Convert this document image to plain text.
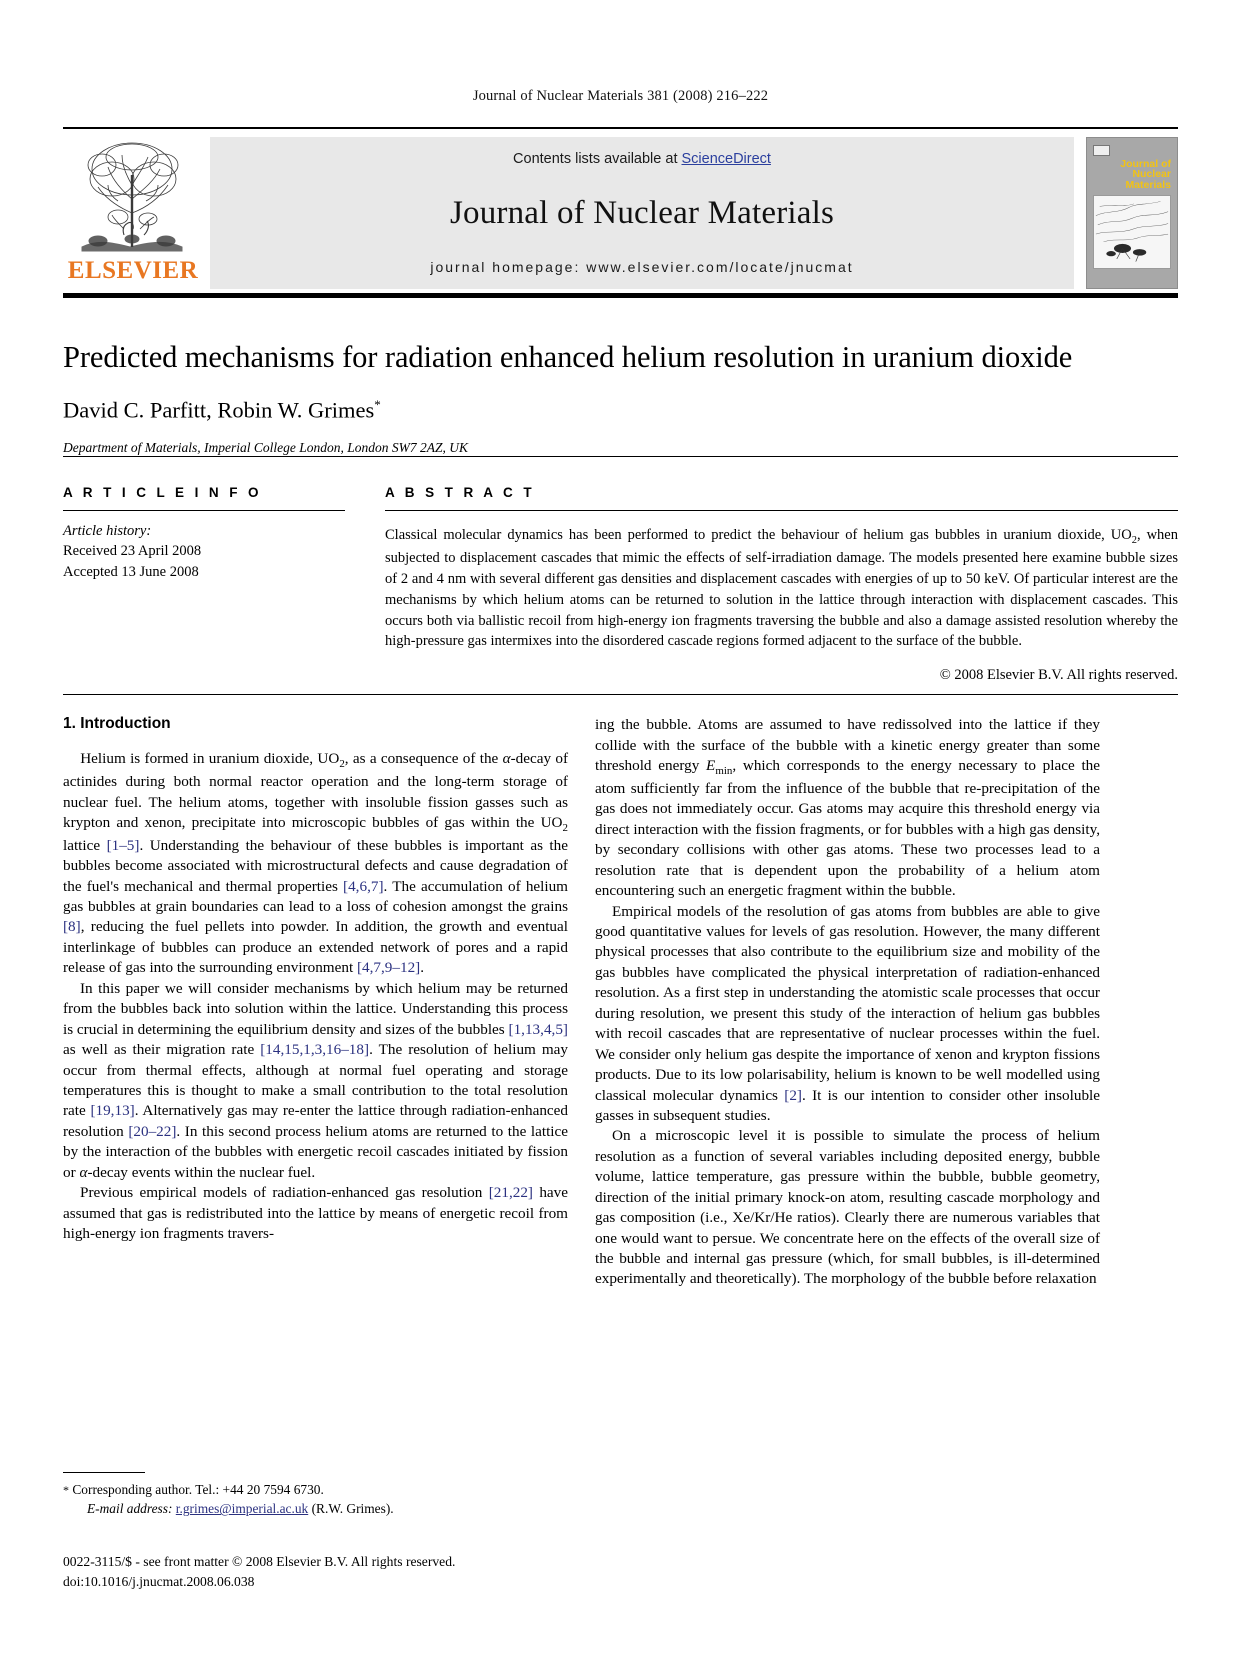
Journal of Nuclear Materials 381 (2008) 216–222
ELSEVIER
Contents lists available at ScienceDirect
Journal of Nuclear Materials
journal homepage: www.elsevier.com/locate/jnucmat
Journal of
Nuclear Materials
Predicted mechanisms for radiation enhanced helium resolution in uranium dioxide
David C. Parfitt, Robin W. Grimes*
Department of Materials, Imperial College London, London SW7 2AZ, UK
A R T I C L E I N F O
Article history:
Received 23 April 2008
Accepted 13 June 2008
A B S T R A C T

Classical molecular dynamics has been performed to predict the behaviour of helium gas bubbles in uranium dioxide, $UO_2$, when subjected to displacement cascades that mimic the effects of self-irradiation damage. The models presented here examine bubble sizes of 2 and 4 nm with several different gas densities and displacement cascades with energies of up to 50 keV. Of particular interest are the mechanisms by which helium atoms can be returned to solution in the lattice through interaction with displacement cascades. This occurs both via ballistic recoil from high-energy ion fragments traversing the bubble and also a damage assisted resolution whereby the high-pressure gas intermixes into the disordered cascade regions formed adjacent to the surface of the bubble.

© 2008 Elsevier B.V. All rights reserved.
1. Introduction

Helium is formed in uranium dioxide, $UO_2$, as a consequence of the α-decay of actinides during both normal reactor operation and the long-term storage of nuclear fuel. The helium atoms, together with insoluble fission gasses such as krypton and xenon, precipitate into microscopic bubbles of gas within the $UO_2$ lattice [1–5]. Understanding the behaviour of these bubbles is important as the bubbles become associated with microstructural defects and cause degradation of the fuel's mechanical and thermal properties [4,6,7]. The accumulation of helium gas bubbles at grain boundaries can lead to a loss of cohesion amongst the grains [8], reducing the fuel pellets into powder. In addition, the growth and eventual interlinkage of bubbles can produce an extended network of pores and a rapid release of gas into the surrounding environment [4,7,9–12].

In this paper we will consider mechanisms by which helium may be returned from the bubbles back into solution within the lattice. Understanding this process is crucial in determining the equilibrium density and sizes of the bubbles [1,13,4,5] as well as their migration rate [14,15,1,3,16–18]. The resolution of helium may occur from thermal effects, although at normal fuel operating and storage temperatures this is thought to make a small contribution to the total resolution rate [19,13]. Alternatively gas may re-enter the lattice through radiation-enhanced resolution [20–22]. In this second process helium atoms are returned to the lattice by the interaction of the bubbles with energetic recoil cascades initiated by fission or α-decay events within the nuclear fuel.

Previous empirical models of radiation-enhanced gas resolution [21,22] have assumed that gas is redistributed into the lattice by means of energetic recoil from high-energy ion fragments travers-

ing the bubble. Atoms are assumed to have redissolved into the lattice if they collide with the surface of the bubble with a kinetic energy greater than some threshold energy $E_{min}$, which corresponds to the energy necessary to place the atom sufficiently far from the influence of the bubble that re-precipitation of the gas does not immediately occur. Gas atoms may acquire this threshold energy via direct interaction with the fission fragments, or for bubbles with a high gas density, by secondary collisions with other gas atoms. These two processes lead to a resolution rate that is dependent upon the probability of a helium atom encountering such an energetic fragment within the bubble.

Empirical models of the resolution of gas atoms from bubbles are able to give good quantitative values for levels of gas resolution. However, the many different physical processes that also contribute to the equilibrium size and mobility of the gas bubbles have complicated the physical interpretation of radiation-enhanced resolution. As a first step in understanding the atomistic scale processes that occur during resolution, we present this study of the interaction of helium gas bubbles with recoil cascades that are representative of nuclear processes within the fuel. We consider only helium gas despite the importance of xenon and krypton fissions products. Due to its low polarisability, helium is known to be well modelled using classical molecular dynamics [2]. It is our intention to consider other insoluble gasses in subsequent studies.

On a microscopic level it is possible to simulate the process of helium resolution as a function of several variables including deposited energy, bubble volume, lattice temperature, gas pressure within the bubble, bubble geometry, direction of the initial primary knock-on atom, resulting cascade morphology and gas composition (i.e., Xe/Kr/He ratios). Clearly there are numerous variables that one would want to persue. We concentrate here on the effects of the overall size of the bubble and internal gas pressure (which, for small bubbles, is ill-determined experimentally and theoretically). The morphology of the bubble before relaxation

* Corresponding author. Tel.: +44 20 7594 6730.
E-mail address: r.grimes@imperial.ac.uk (R.W. Grimes).
0022-3115/$ - see front matter © 2008 Elsevier B.V. All rights reserved.
doi:10.1016/j.jnucmat.2008.06.038
